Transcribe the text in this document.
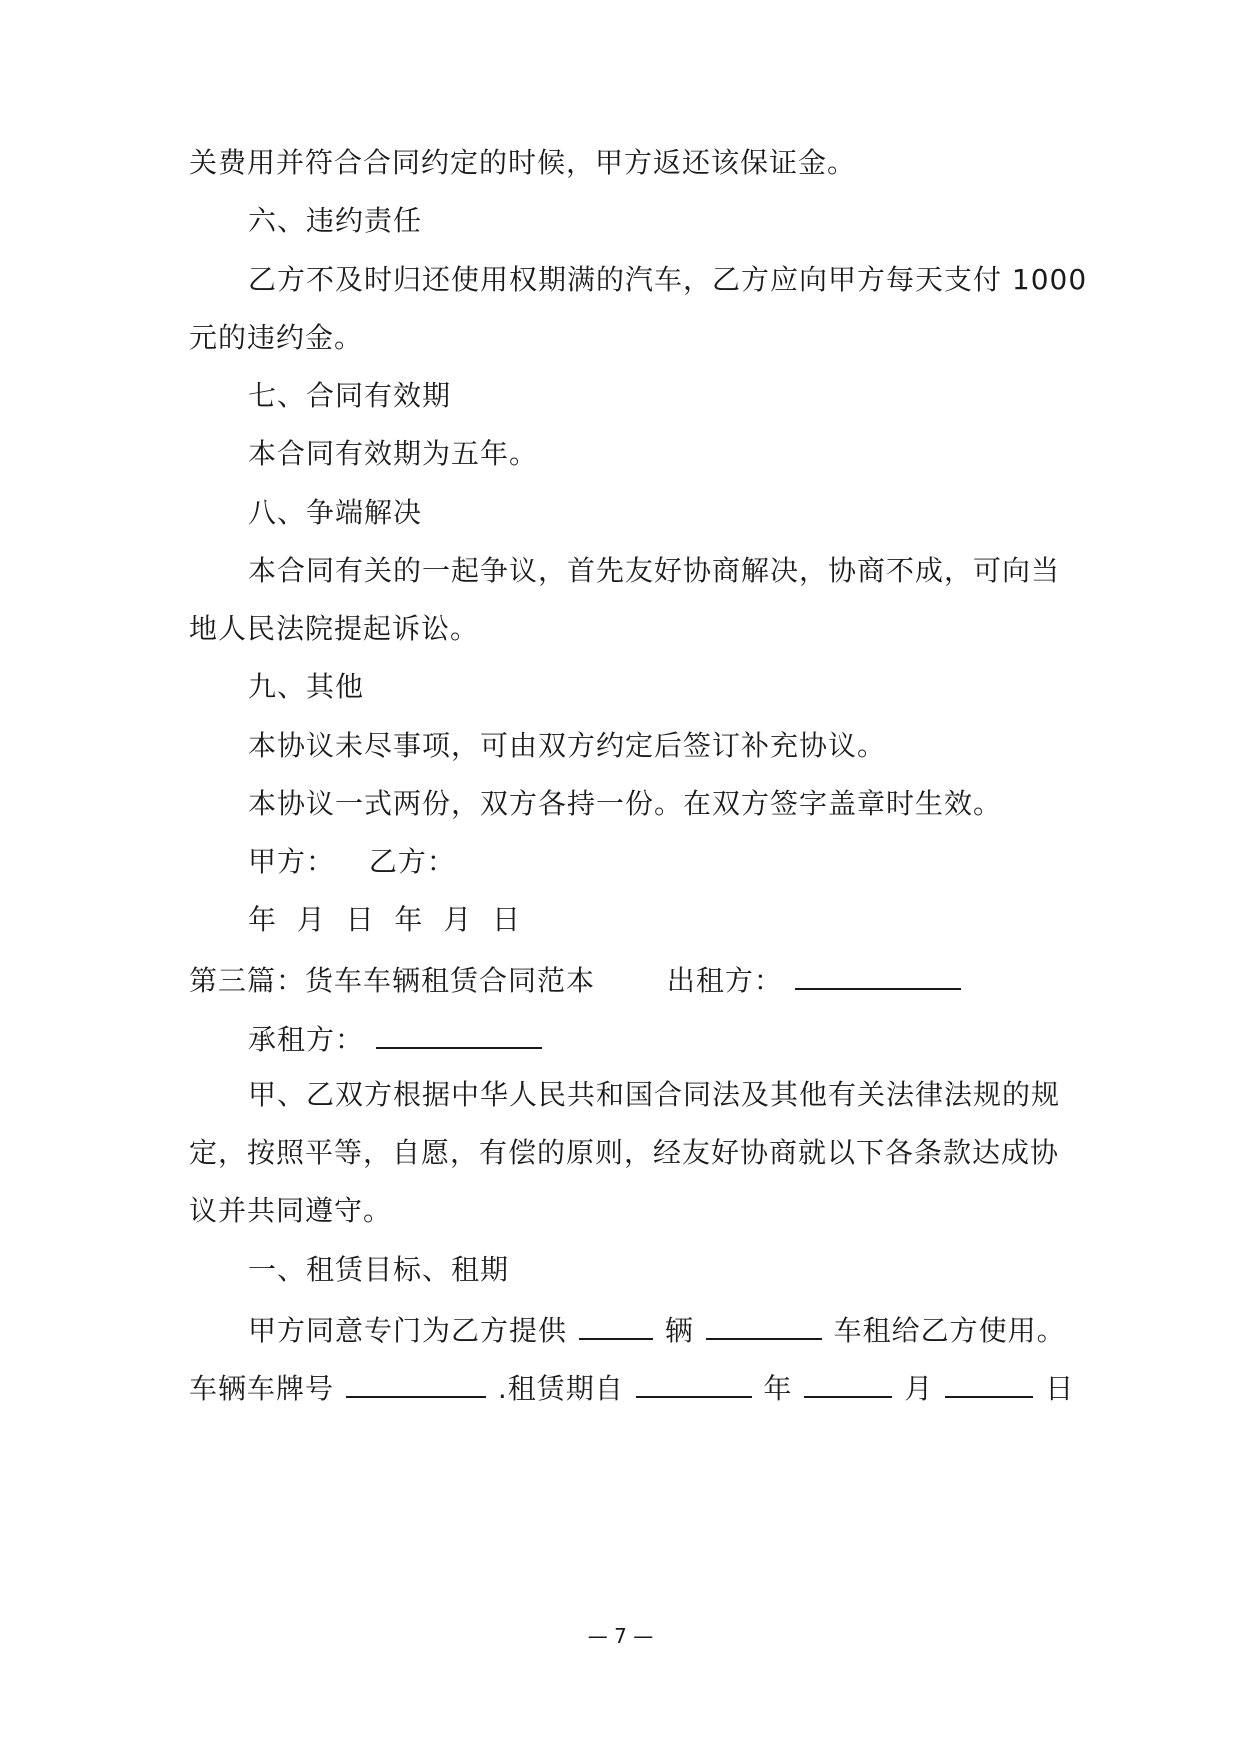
关费用并符合合同约定的时候，甲方返还该保证金。
六、违约责任
乙方不及时归还使用权期满的汽车，乙方应向甲方每天支付 1000
元的违约金。
七、合同有效期
本合同有效期为五年。
八、争端解决
本合同有关的一起争议，首先友好协商解决，协商不成，可向当
地人民法院提起诉讼。
九、其他
本协议未尽事项，可由双方约定后签订补充协议。
本协议一式两份，双方各持一份。在双方签字盖章时生效。
甲方： 乙方：
年  月  日  年  月  日
第三篇：货车车辆租赁合同范本	出租方：
承租方：
甲、乙双方根据中华人民共和国合同法及其他有关法律法规的规
定，按照平等，自愿，有偿的原则，经友好协商就以下各条款达成协
议并共同遵守。
一、租赁目标、租期
甲方同意专门为乙方提供	辆	车租给乙方使用。
车辆车牌号	.租赁期自	年	月	日
— 7 —
